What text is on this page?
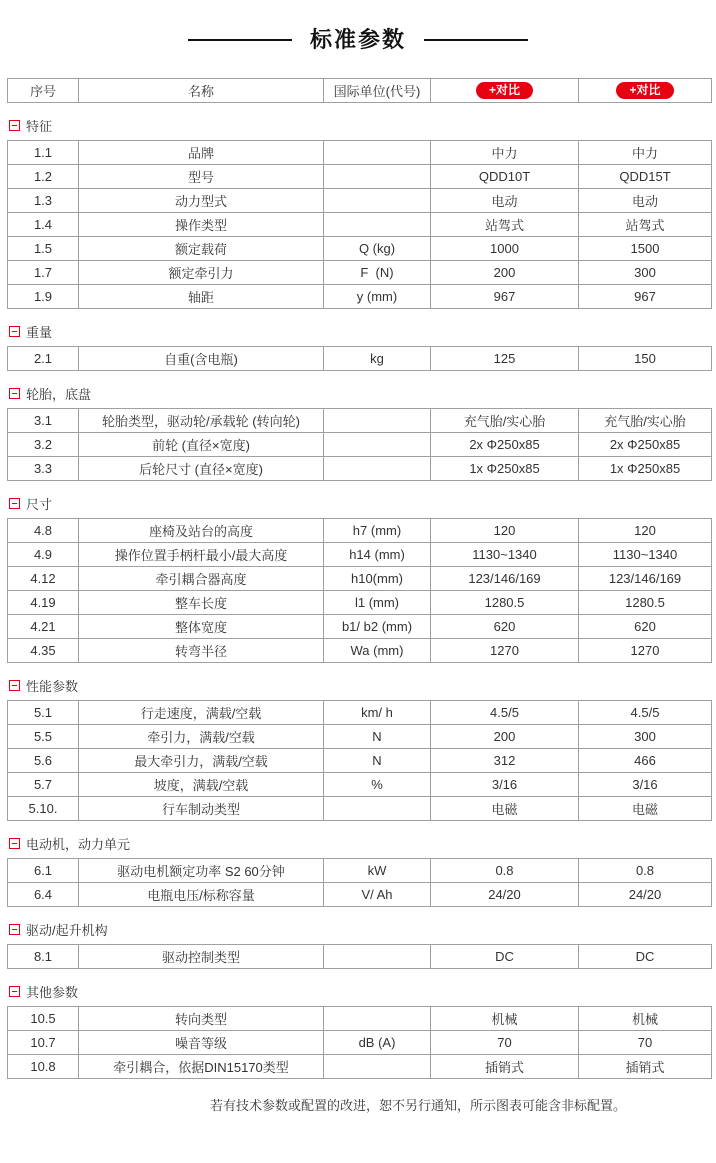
标准参数
序号	名称	国际单位(代号)	+对比	+对比
特征
1.1	品牌		中力	中力
1.2	型号		QDD10T	QDD15T
1.3	动力型式		电动	电动
1.4	操作类型		站驾式	站驾式
1.5	额定载荷	Q (kg)	1000	1500
1.7	额定牵引力	F  (N)	200	300
1.9	轴距	y (mm)	967	967
重量
2.1	自重(含电瓶)	kg	125	150
轮胎，底盘
3.1	轮胎类型，驱动轮/承载轮 (转向轮)		充气胎/实心胎	充气胎/实心胎
3.2	前轮 (直径×宽度)		2x Φ250x85	2x Φ250x85
3.3	后轮尺寸 (直径×宽度)		1x Φ250x85	1x Φ250x85
尺寸
4.8	座椅及站台的高度	h7 (mm)	120	120
4.9	操作位置手柄杆最小/最大高度	h14 (mm)	1130~1340	1130~1340
4.12	牵引耦合器高度	h10(mm)	123/146/169	123/146/169
4.19	整车长度	l1 (mm)	1280.5	1280.5
4.21	整体宽度	b1/ b2 (mm)	620	620
4.35	转弯半径	Wa (mm)	1270	1270
性能参数
5.1	行走速度，满载/空载	km/ h	4.5/5	4.5/5
5.5	牵引力，满载/空载	N	200	300
5.6	最大牵引力，满载/空载	N	312	466
5.7	坡度，满载/空载	%	3/16	3/16
5.10.	行车制动类型		电磁	电磁
电动机，动力单元
6.1	驱动电机额定功率 S2 60分钟	kW	0.8	0.8
6.4	电瓶电压/标称容量	V/ Ah	24/20	24/20
驱动/起升机构
8.1	驱动控制类型		DC	DC
其他参数
10.5	转向类型		机械	机械
10.7	噪音等级	dB (A)	70	70
10.8	牵引耦合，依据DIN15170类型		插销式	插销式
若有技术参数或配置的改进，恕不另行通知，所示图表可能含非标配置。
